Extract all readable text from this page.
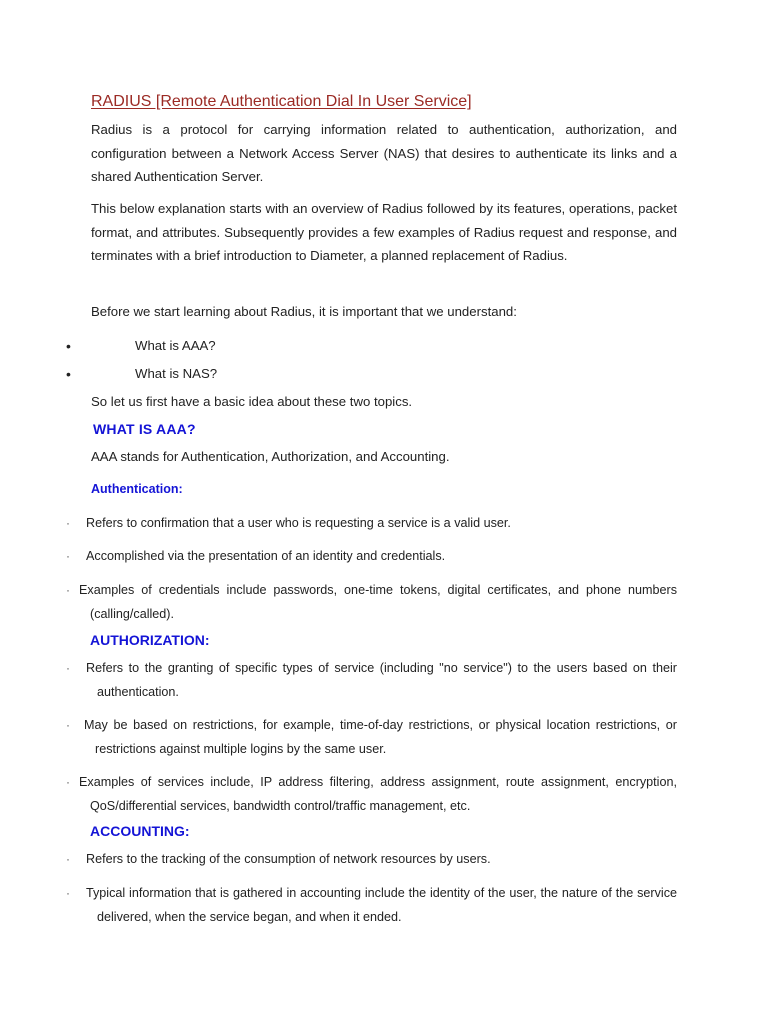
RADIUS [Remote Authentication Dial In User Service]
Radius is a protocol for carrying information related to authentication, authorization, and configuration between a Network Access Server (NAS) that desires to authenticate its links and a shared Authentication Server.
This below explanation starts with an overview of Radius followed by its features, operations, packet format, and attributes. Subsequently provides a few examples of Radius request and response, and terminates with a brief introduction to Diameter, a planned replacement of Radius.
Before we start learning about Radius, it is important that we understand:
•	What is AAA?
•	What is NAS?
So let us first have a basic idea about these two topics.
WHAT IS AAA?
AAA stands for Authentication, Authorization, and Accounting.
Authentication:
· Refers to confirmation that a user who is requesting a service is a valid user.
· Accomplished via the presentation of an identity and credentials.
· Examples of credentials include passwords, one-time tokens, digital certificates, and phone numbers (calling/called).
AUTHORIZATION:
· Refers to the granting of specific types of service (including "no service") to the users based on their authentication.
· May be based on restrictions, for example, time-of-day restrictions, or physical location restrictions, or restrictions against multiple logins by the same user.
· Examples of services include, IP address filtering, address assignment, route assignment, encryption, QoS/differential services, bandwidth control/traffic management, etc.
ACCOUNTING:
· Refers to the tracking of the consumption of network resources by users.
· Typical information that is gathered in accounting include the identity of the user, the nature of the service delivered, when the service began, and when it ended.
